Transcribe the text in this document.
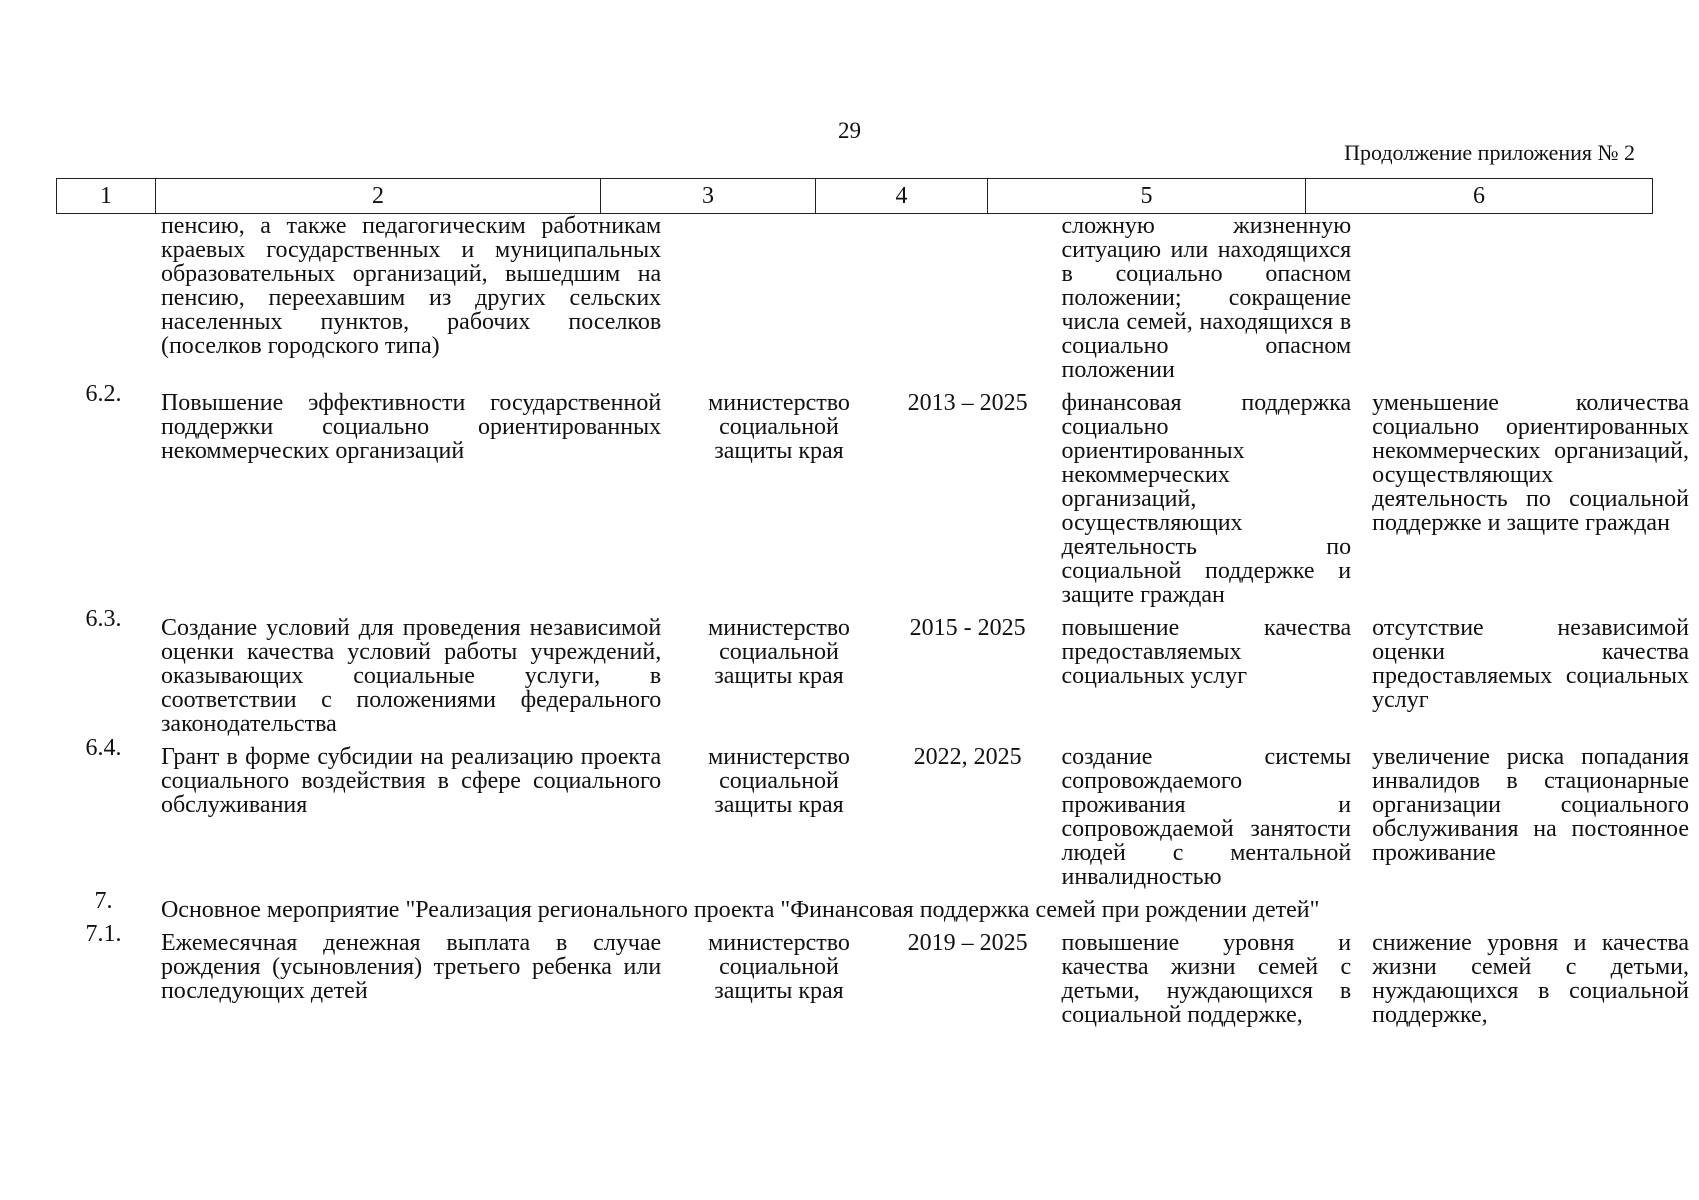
29
Продолжение приложения № 2
1	2	3	4	5	6
	пенсию, а также педагогическим работникам краевых государственных и муниципальных образовательных организаций, вышедшим на пенсию, переехавшим из других сельских населенных пунктов, рабочих поселков (поселков городского типа)			сложную жизненную ситуацию или находящихся в социально опасном положении; сокращение числа семей, находящихся в социально опасном положении	
6.2.	Повышение эффективности государственной поддержки социально ориентированных некоммерческих организаций	министерство социальной защиты края	2013 – 2025	финансовая поддержка социально ориентированных некоммерческих организаций, осуществляющих деятельность по социальной поддержке и защите граждан	уменьшение количества социально ориентированных некоммерческих организаций, осуществляющих деятельность по социальной поддержке и защите граждан
6.3.	Создание условий для проведения независимой оценки качества условий работы учреждений, оказывающих социальные услуги, в соответствии с положениями федерального законодательства	министерство социальной защиты края	2015 - 2025	повышение качества предоставляемых социальных услуг	отсутствие независимой оценки качества предоставляемых социальных услуг
6.4.	Грант в форме субсидии на реализацию проекта социального воздействия в сфере социального обслуживания	министерство социальной защиты края	2022, 2025	создание системы сопровождаемого проживания и сопровождаемой занятости людей с ментальной инвалидностью	увеличение риска попадания инвалидов в стационарные организации социального обслуживания на постоянное проживание
7.	Основное мероприятие "Реализация регионального проекта "Финансовая поддержка семей при рождении детей"				
7.1.	Ежемесячная денежная выплата в случае рождения (усыновления) третьего ребенка или последующих детей	министерство социальной защиты края	2019 – 2025	повышение уровня и качества жизни семей с детьми, нуждающихся в социальной поддержке,	снижение уровня и качества жизни семей с детьми, нуждающихся в социальной поддержке,
